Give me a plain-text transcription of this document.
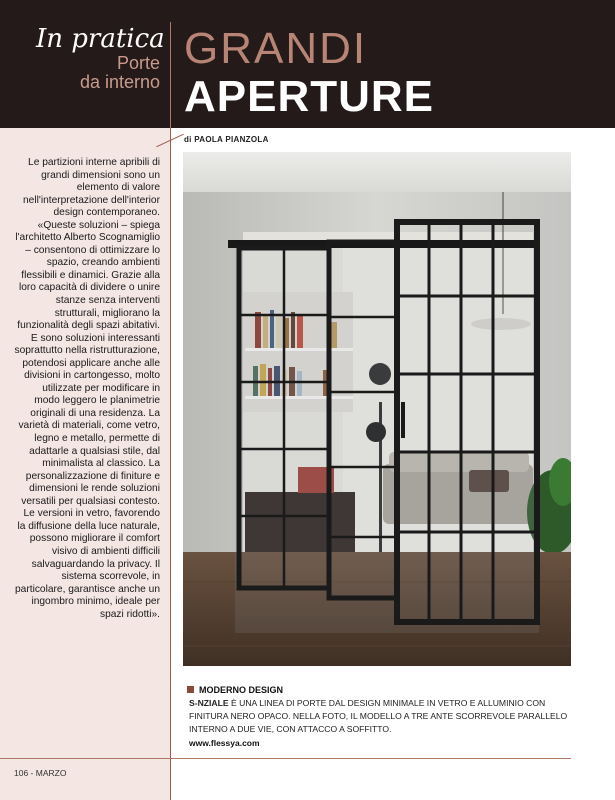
In pratica
Porte
da interno
GRANDI
APERTURE
di PAOLA PIANZOLA
Le partizioni interne apribili di grandi dimensioni sono un elemento di valore nell'interpretazione dell'interior design contemporaneo. «Queste soluzioni – spiega l'architetto Alberto Scognamiglio – consentono di ottimizzare lo spazio, creando ambienti flessibili e dinamici. Grazie alla loro capacità di dividere o unire stanze senza interventi strutturali, migliorano la funzionalità degli spazi abitativi. E sono soluzioni interessanti soprattutto nella ristrutturazione, potendosi applicare anche alle divisioni in cartongesso, molto utilizzate per modificare in modo leggero le planimetrie originali di una residenza. La varietà di materiali, come vetro, legno e metallo, permette di adattarle a qualsiasi stile, dal minimalista al classico. La personalizzazione di finiture e dimensioni le rende soluzioni versatili per qualsiasi contesto. Le versioni in vetro, favorendo la diffusione della luce naturale, possono migliorare il comfort visivo di ambienti difficili salvaguardando la privacy. Il sistema scorrevole, in particolare, garantisce anche un ingombro minimo, ideale per spazi ridotti».
MODERNO DESIGN
S-NZIALE È UNA LINEA DI PORTE DAL DESIGN MINIMALE IN VETRO E ALLUMINIO CON FINITURA NERO OPACO. NELLA FOTO, IL MODELLO A TRE ANTE SCORREVOLE PARALLELO INTERNO A DUE VIE, CON ATTACCO A SOFFITTO.
www.flessya.com
106 - MARZO
